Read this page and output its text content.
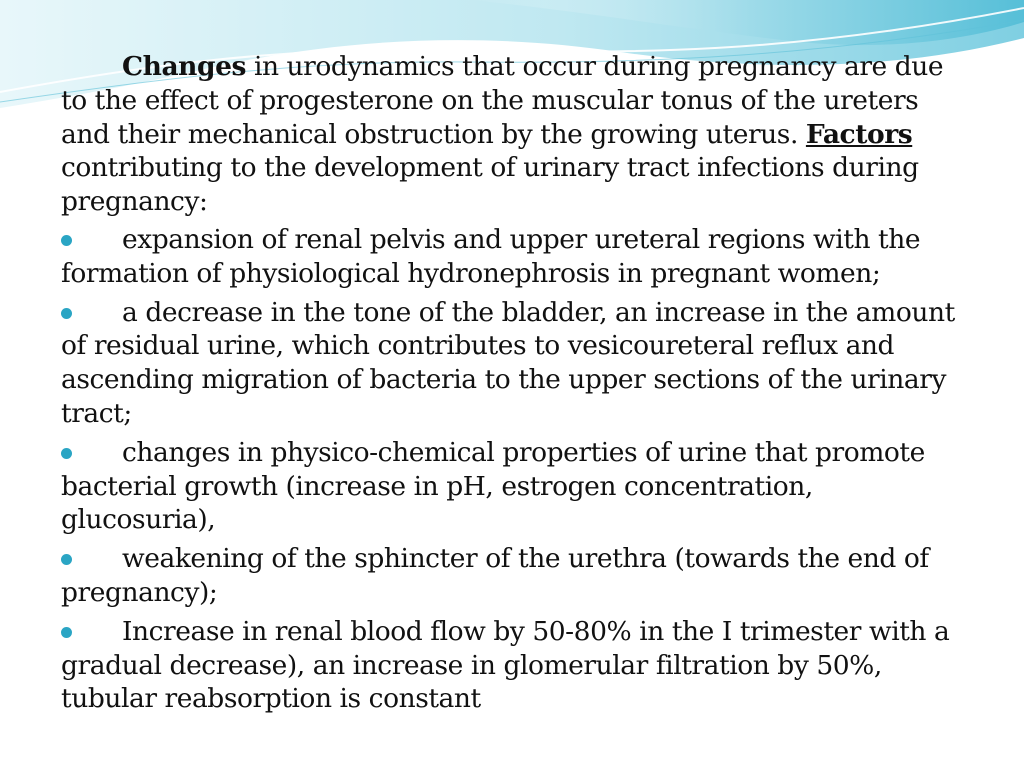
Changes in urodynamics that occur during pregnancy are due to the effect of progesterone on the muscular tonus of the ureters and their mechanical obstruction by the growing uterus. Factors contributing to the development of urinary tract infections during pregnancy:

expansion of renal pelvis and upper ureteral regions with the formation of physiological hydronephrosis in pregnant women;
a decrease in the tone of the bladder, an increase in the amount of residual urine, which contributes to vesicoureteral reflux and ascending migration of bacteria to the upper sections of the urinary tract;
changes in physico-chemical properties of urine that promote bacterial growth (increase in pH, estrogen concentration, glucosuria),
weakening of the sphincter of the urethra (towards the end of pregnancy);
Increase in renal blood flow by 50-80% in the I trimester with a gradual decrease), an increase in glomerular filtration by 50%, tubular reabsorption is constant
